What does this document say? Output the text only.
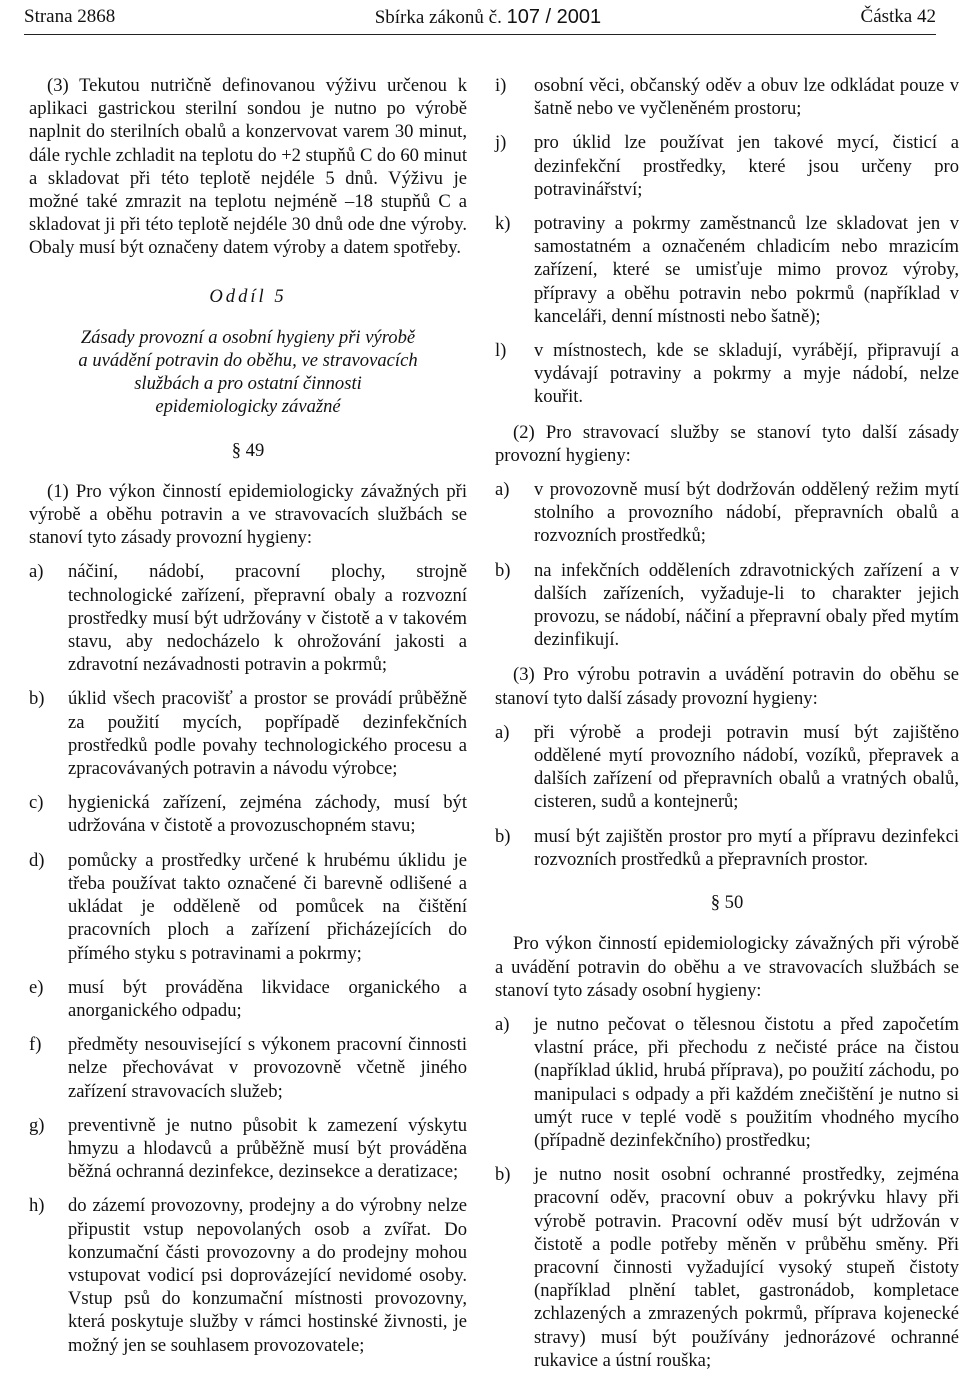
Strana 2868	Sbírka zákonů č. 107 / 2001	Částka 42

(3) Tekutou nutričně definovanou výživu určenou k aplikaci gastrickou sterilní sondou je nutno po výrobě naplnit do sterilních obalů a konzervovat varem 30 minut, dále rychle zchladit na teplotu do +2 stupňů C do 60 minut a skladovat při této teplotě nejdéle 5 dnů. Výživu je možné také zmrazit na teplotu nejméně –18 stupňů C a skladovat ji při této teplotě nejdéle 30 dnů ode dne výroby. Obaly musí být označeny datem výroby a datem spotřeby.

Oddíl 5

Zásady provozní a osobní hygieny při výrobě
a uvádění potravin do oběhu, ve stravovacích
službách a pro ostatní činnosti
epidemiologicky závažné

§ 49

(1) Pro výkon činností epidemiologicky závažných při výrobě a oběhu potravin a ve stravovacích službách se stanoví tyto zásady provozní hygieny:

a)	náčiní, nádobí, pracovní plochy, strojně technologické zařízení, přepravní obaly a rozvozní prostředky musí být udržovány v čistotě a v takovém stavu, aby nedocházelo k ohrožování jakosti a zdravotní nezávadnosti potravin a pokrmů;
b)	úklid všech pracovišť a prostor se provádí průběžně za použití mycích, popřípadě dezinfekčních prostředků podle povahy technologického procesu a zpracovávaných potravin a návodu výrobce;
c)	hygienická zařízení, zejména záchody, musí být udržována v čistotě a provozuschopném stavu;
d)	pomůcky a prostředky určené k hrubému úklidu je třeba používat takto označené či barevně odlišené a ukládat je odděleně od pomůcek na čištění pracovních ploch a zařízení přicházejících do přímého styku s potravinami a pokrmy;
e)	musí být prováděna likvidace organického a anorganického odpadu;
f)	předměty nesouvisející s výkonem pracovní činnosti nelze přechovávat v provozovně včetně jiného zařízení stravovacích služeb;
g)	preventivně je nutno působit k zamezení výskytu hmyzu a hlodavců a průběžně musí být prováděna běžná ochranná dezinfekce, dezinsekce a deratizace;
h)	do zázemí provozovny, prodejny a do výrobny nelze připustit vstup nepovolaných osob a zvířat. Do konzumační části provozovny a do prodejny mohou vstupovat vodicí psi doprovázející nevidomé osoby. Vstup psů do konzumační místnosti provozovny, která poskytuje služby v rámci hostinské živnosti, je možný jen se souhlasem provozovatele;
i)	osobní věci, občanský oděv a obuv lze odkládat pouze v šatně nebo ve vyčleněném prostoru;
j)	pro úklid lze používat jen takové mycí, čisticí a dezinfekční prostředky, které jsou určeny pro potravinářství;
k)	potraviny a pokrmy zaměstnanců lze skladovat jen v samostatném a označeném chladicím nebo mrazicím zařízení, které se umisťuje mimo provoz výroby, přípravy a oběhu potravin nebo pokrmů (například v kanceláři, denní místnosti nebo šatně);
l)	v místnostech, kde se skladují, vyrábějí, připravují a vydávají potraviny a pokrmy a myje nádobí, nelze kouřit.

(2) Pro stravovací služby se stanoví tyto další zásady provozní hygieny:

a)	v provozovně musí být dodržován oddělený režim mytí stolního a provozního nádobí, přepravních obalů a rozvozních prostředků;
b)	na infekčních odděleních zdravotnických zařízení a v dalších zařízeních, vyžaduje-li to charakter jejich provozu, se nádobí, náčiní a přepravní obaly před mytím dezinfikují.

(3) Pro výrobu potravin a uvádění potravin do oběhu se stanoví tyto další zásady provozní hygieny:

a)	při výrobě a prodeji potravin musí být zajištěno oddělené mytí provozního nádobí, vozíků, přepravek a dalších zařízení od přepravních obalů a vratných obalů, cisteren, sudů a kontejnerů;
b)	musí být zajištěn prostor pro mytí a přípravu dezinfekci rozvozních prostředků a přepravních prostor.

§ 50

Pro výkon činností epidemiologicky závažných při výrobě a uvádění potravin do oběhu a ve stravovacích službách se stanoví tyto zásady osobní hygieny:

a)	je nutno pečovat o tělesnou čistotu a před započetím vlastní práce, při přechodu z nečisté práce na čistou (například úklid, hrubá příprava), po použití záchodu, po manipulaci s odpady a při každém znečištění je nutno si umýt ruce v teplé vodě s použitím vhodného mycího (případně dezinfekčního) prostředku;
b)	je nutno nosit osobní ochranné prostředky, zejména pracovní oděv, pracovní obuv a pokrývku hlavy při výrobě potravin. Pracovní oděv musí být udržován v čistotě a podle potřeby měněn v průběhu směny. Při pracovní činnosti vyžadující vysoký stupeň čistoty (například plnění tablet, gastronádob, kompletace zchlazených a zmrazených pokrmů, příprava kojenecké stravy) musí být používány jednorázové ochranné rukavice a ústní rouška;
